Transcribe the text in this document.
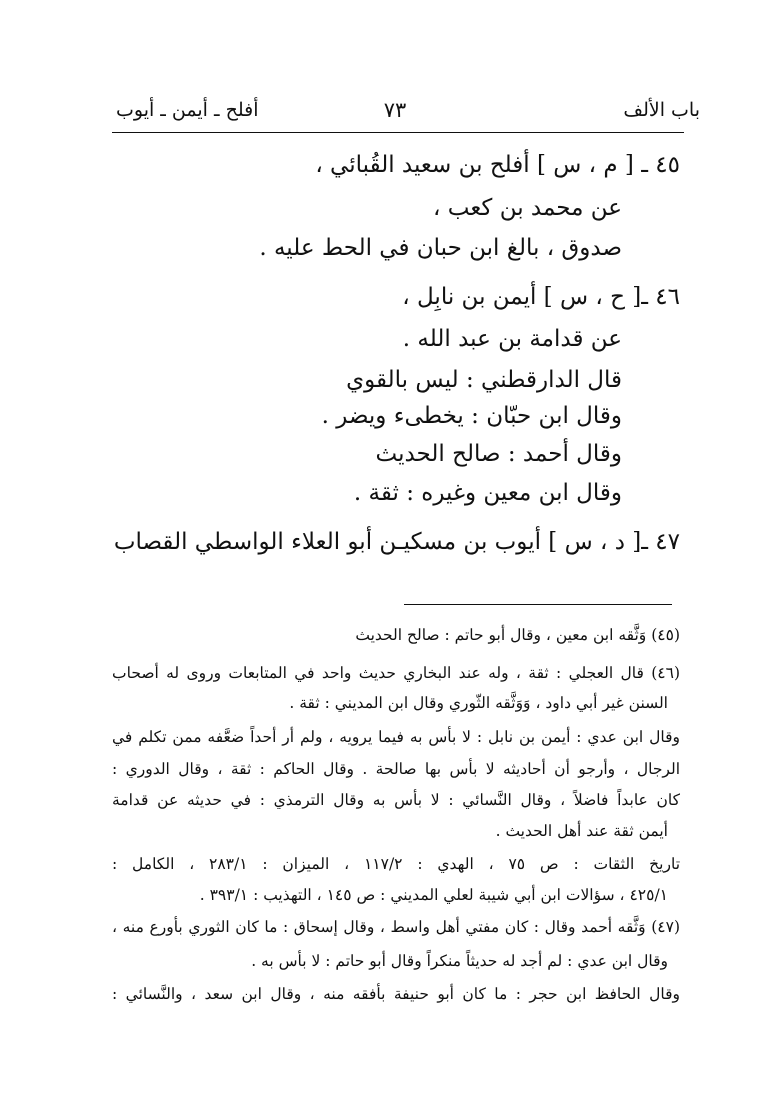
باب الألف
٧٣
أفلح ـ أيمن ـ أيوب
٤٥ ـ [ م ، س ] أفلح بن سعيد القُبائي ،
عن محمد بن كعب ،
صدوق ، بالغ ابن حبان في الحط عليه .
٤٦ ـ[ ح ، س ] أيمن بن نابِل ،
عن قدامة بن عبد الله .
قال الدارقطني : ليس بالقوي
وقال ابن حبّان : يخطىء ويضر .
وقال أحمد : صالح الحديث
وقال ابن معين وغيره : ثقة .
٤٧ ـ[ د ، س ] أيوب بن مسكيـن أبو العلاء الواسطي القصاب
(٤٥) وَثَّقه ابن معين ، وقال أبو حاتم : صالح الحديث
(٤٦) قال العجلي : ثقة ، وله عند البخاري حديث واحد في المتابعات وروى له أصحاب
السنن غير أبي داود ، وَوَثَّقه الثّوري وقال ابن المديني : ثقة .
وقال ابن عدي : أيمن بن نابل : لا بأس به فيما يرويه ، ولم أر أحداً ضعَّفه ممن تكلم في
الرجال ، وأرجو أن أحاديثه لا بأس بها صالحة . وقال الحاكم : ثقة ، وقال الدوري :
كان عابداً فاضلاً ، وقال النَّسائي : لا بأس به وقال الترمذي : في حديثه عن قدامة
أيمن ثقة عند أهل الحديث .
تاريخ الثقات : ص ٧٥ ، الهدي : ١١٧/٢ ، الميزان : ٢٨٣/١ ، الكامل :
٤٢٥/١ ، سؤالات ابن أبي شيبة لعلي المديني : ص ١٤٥ ، التهذيب : ٣٩٣/١ .
(٤٧) وَثَّقه أحمد وقال : كان مفتي أهل واسط ، وقال إسحاق : ما كان الثوري بأورع منه ،
وقال ابن عدي : لم أجد له حديثاً منكراً وقال أبو حاتم : لا بأس به .
وقال الحافظ ابن حجر : ما كان أبو حنيفة بأفقه منه ، وقال ابن سعد ، والنَّسائي :
